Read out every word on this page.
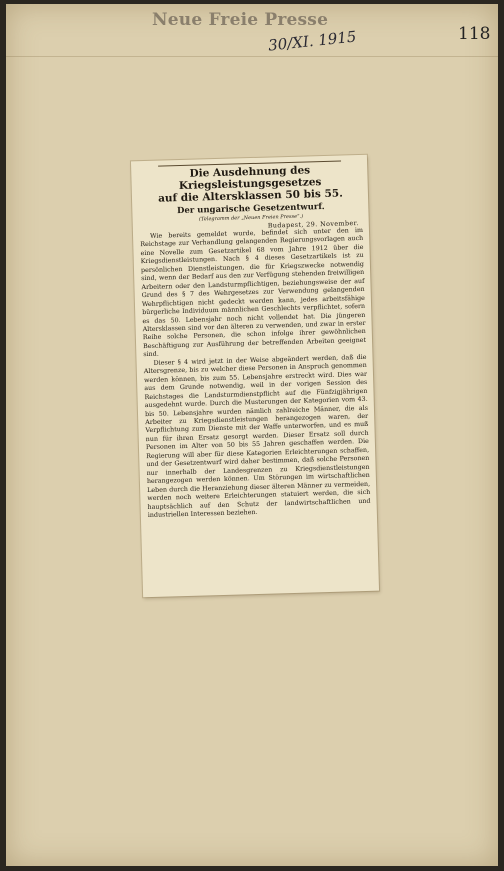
Neue Freie Presse
30/XI. 1915	118
Die Ausdehnung des Kriegsleistungsgesetzes
auf die Altersklassen 50 bis 55.
Der ungarische Gesetzentwurf.
(Telegramm der „Neuen Freien Presse“.)
Budapest, 29. November.

Wie bereits gemeldet wurde, befindet sich unter den im Reichstage zur Verhandlung gelangenden Regierungsvorlagen auch eine Novelle zum Gesetzartikel 68 vom Jahre 1912 über die Kriegsdienstleistungen. Nach § 4 dieses Gesetzartikels ist zu persönlichen Dienstleistungen, die für Kriegszwecke notwendig sind, wenn der Bedarf aus den zur Verfügung stehenden freiwilligen Arbeitern oder den Landsturmpflichtigen, beziehungsweise der auf Grund des § 7 des Wehrgesetzes zur Verwendung gelangenden Wehrpflichtigen nicht gedeckt werden kann, jedes arbeitsfähige bürgerliche Individuum männlichen Geschlechts verpflichtet, sofern es das 50. Lebensjahr noch nicht vollendet hat. Die jüngeren Altersklassen sind vor den älteren zu verwenden, und zwar in erster Reihe solche Personen, die schon infolge ihrer gewöhnlichen Beschäftigung zur Ausführung der betreffenden Arbeiten geeignet sind.

Dieser § 4 wird jetzt in der Weise abgeändert werden, daß die Altersgrenze, bis zu welcher diese Personen in Anspruch genommen werden können, bis zum 55. Lebensjahre erstreckt wird. Dies war aus dem Grunde notwendig, weil in der vorigen Session des Reichstages die Landsturmdienstpflicht auf die Fünfzigjährigen ausgedehnt wurde. Durch die Musterungen der Kategorien vom 43. bis 50. Lebensjahre wurden nämlich zahlreiche Männer, die als Arbeiter zu Kriegsdienstleistungen herangezogen waren, der Verpflichtung zum Dienste mit der Waffe unterworfen, und es muß nun für ihren Ersatz gesorgt werden. Dieser Ersatz soll durch Personen im Alter von 50 bis 55 Jahren geschaffen werden. Die Regierung will aber für diese Kategorien Erleichterungen schaffen, und der Gesetzentwurf wird daher bestimmen, daß solche Personen nur innerhalb der Landesgrenzen zu Kriegsdienstleistungen herangezogen werden können. Um Störungen im wirtschaftlichen Leben durch die Heranziehung dieser älteren Männer zu vermeiden, werden noch weitere Erleichterungen statuiert werden, die sich hauptsächlich auf den Schutz der landwirtschaftlichen und industriellen Interessen beziehen.
